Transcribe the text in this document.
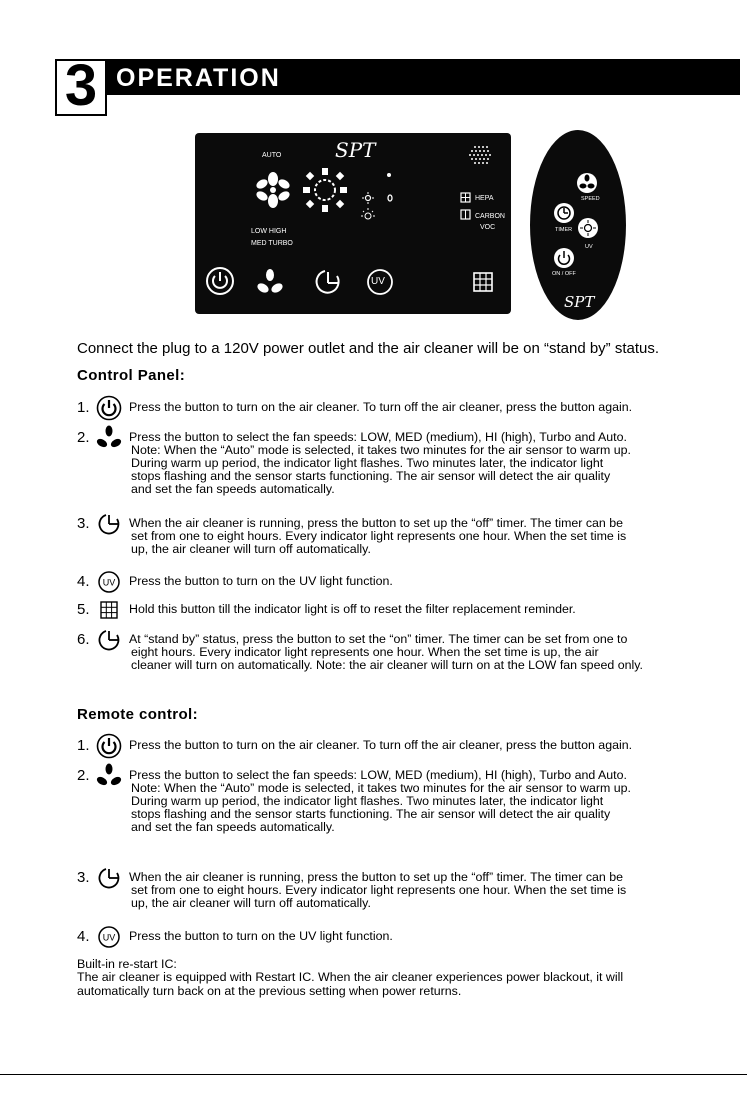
3 OPERATION
AUTO	SPT
LOW HIGH
MED TURBO
HEPA
CARBON
VOC
UV
SPEED
TIMER
UV
ON / OFF
SPT
Connect the plug to a 120V power outlet and the air cleaner will be on “stand by” status.
Control Panel:
1.	Press the button to turn on the air cleaner. To turn off the air cleaner, press the button again.
2.	Press the button to select the fan speeds: LOW, MED (medium), HI (high), Turbo and Auto.
Note: When the “Auto” mode is selected, it takes two minutes for the air sensor to warm up.
During warm up period, the indicator light flashes. Two minutes later, the indicator light
stops flashing and the sensor starts functioning. The air sensor will detect the air quality
and set the fan speeds automatically.
3.	When the air cleaner is running, press the button to set up the “off” timer. The timer can be
set from one to eight hours. Every indicator light represents one hour. When the set time is
up, the air cleaner will turn off automatically.
4. UV Press the button to turn on the UV light function.
5.	Hold this button till the indicator light is off to reset the filter replacement reminder.
6.	At “stand by” status, press the button to set the “on” timer. The timer can be set from one to
eight hours. Every indicator light represents one hour. When the set time is up, the air
cleaner will turn on automatically. Note: the air cleaner will turn on at the LOW fan speed only.
Remote control:
1.	Press the button to turn on the air cleaner. To turn off the air cleaner, press the button again.
2.	Press the button to select the fan speeds: LOW, MED (medium), HI (high), Turbo and Auto.
Note: When the “Auto” mode is selected, it takes two minutes for the air sensor to warm up.
During warm up period, the indicator light flashes. Two minutes later, the indicator light
stops flashing and the sensor starts functioning. The air sensor will detect the air quality
and set the fan speeds automatically.
3.	When the air cleaner is running, press the button to set up the “off” timer. The timer can be
set from one to eight hours. Every indicator light represents one hour. When the set time is
up, the air cleaner will turn off automatically.
4. UV Press the button to turn on the UV light function.
Built-in re-start IC:
The air cleaner is equipped with Restart IC. When the air cleaner experiences power blackout, it will
automatically turn back on at the previous setting when power returns.
